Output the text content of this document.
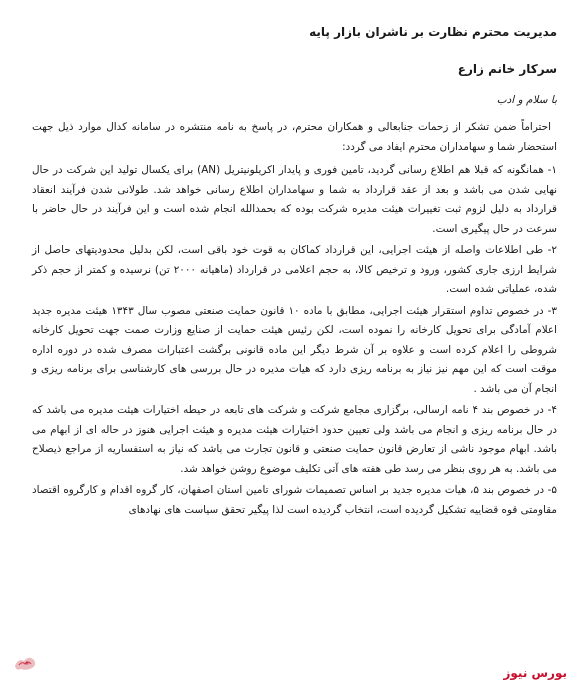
مدیریت محترم نظارت بر ناشران بازار پایه
سرکار خانم زارع
با سلام و ادب

احتراماً ضمن تشکر از زحمات جنابعالی و همکاران محترم، در پاسخ به نامه منتشره در سامانه کدال موارد ذیل جهت استحضار شما و سهامداران محترم ایفاد می گردد:

۱- همانگونه که قبلا هم اطلاع رسانی گردید، تامین فوری و پایدار اکریلونیتریل (AN) برای یکسال تولید این شرکت در حال نهایی شدن می باشد و بعد از عقد قرارداد به شما و سهامداران اطلاع رسانی خواهد شد. طولانی شدن فرآیند انعقاد قرارداد به دلیل لزوم ثبت تغییرات هیئت مدیره شرکت بوده که بحمدالله انجام شده است و این فرآیند در حال حاضر با سرعت در حال پیگیری است.

۲- طی اطلاعات واصله از هیئت اجرایی، این قرارداد کماکان به قوت خود باقی است، لکن بدلیل محدودیتهای حاصل از شرایط ارزی جاری کشور، ورود و ترخیص کالا، به حجم اعلامی در قرارداد (ماهیانه ۲۰۰۰ تن) نرسیده و کمتر از حجم ذکر شده، عملیاتی شده است.

۳- در خصوص تداوم استقرار هیئت اجرایی، مطابق با ماده ۱۰ قانون حمایت صنعتی مصوب سال ۱۳۴۳ هیئت مدیره جدید اعلام آمادگی برای تحویل کارخانه را نموده است، لکن رئیس هیئت حمایت از صنایع وزارت صمت جهت تحویل کارخانه شروطی را اعلام کرده است و علاوه بر آن شرط دیگر این ماده قانونی برگشت اعتبارات مصرف شده در دوره اداره موقت است که این مهم نیز نیاز به برنامه ریزی دارد که هیات مدیره در حال بررسی های کارشناسی برای برنامه ریزی و انجام آن می باشد .

۴- در خصوص بند ۴ نامه ارسالی، برگزاری مجامع شرکت و شرکت های تابعه در حیطه اختیارات هیئت مدیره می باشد که در حال برنامه ریزی و انجام می باشد ولی تعیین حدود اختیارات هیئت مدیره و هیئت اجرایی هنوز در حاله ای از ابهام می باشد. ابهام موجود ناشی از تعارض قانون حمایت صنعتی و قانون تجارت می باشد که نیاز به استفساریه از مراجع ذیصلاح می باشد. به هر روی بنظر می رسد طی هفته های آتی تکلیف موضوع روشن خواهد شد.

۵- در خصوص بند ۵، هیات مدیره جدید بر اساس تصمیمات شورای تامین استان اصفهان، کار گروه اقدام و کارگروه اقتصاد مقاومتی قوه قضاییه تشکیل گردیده است، انتخاب گردیده است لذا پیگیر تحقق سیاست های نهادهای

بورس نیوز
